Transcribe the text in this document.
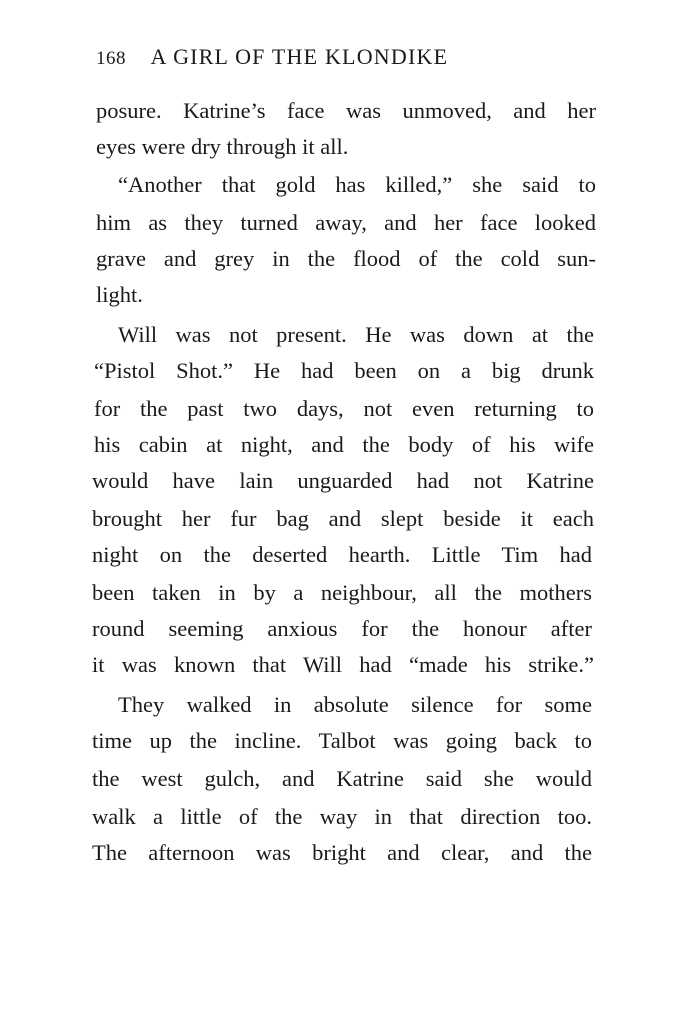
168 A GIRL OF THE KLONDIKE
posure. Katrine’s face was unmoved, and her
eyes were dry through it all.
“Another that gold has killed,” she said to
him as they turned away, and her face looked
grave and grey in the flood of the cold sun-
light.
Will was not present. He was down at the
“Pistol Shot.” He had been on a big drunk
for the past two days, not even returning to
his cabin at night, and the body of his wife
would have lain unguarded had not Katrine
brought her fur bag and slept beside it each
night on the deserted hearth. Little Tim had
been taken in by a neighbour, all the mothers
round seeming anxious for the honour after
it was known that Will had “made his strike.”
They walked in absolute silence for some
time up the incline. Talbot was going back to
the west gulch, and Katrine said she would
walk a little of the way in that direction too.
The afternoon was bright and clear, and the
